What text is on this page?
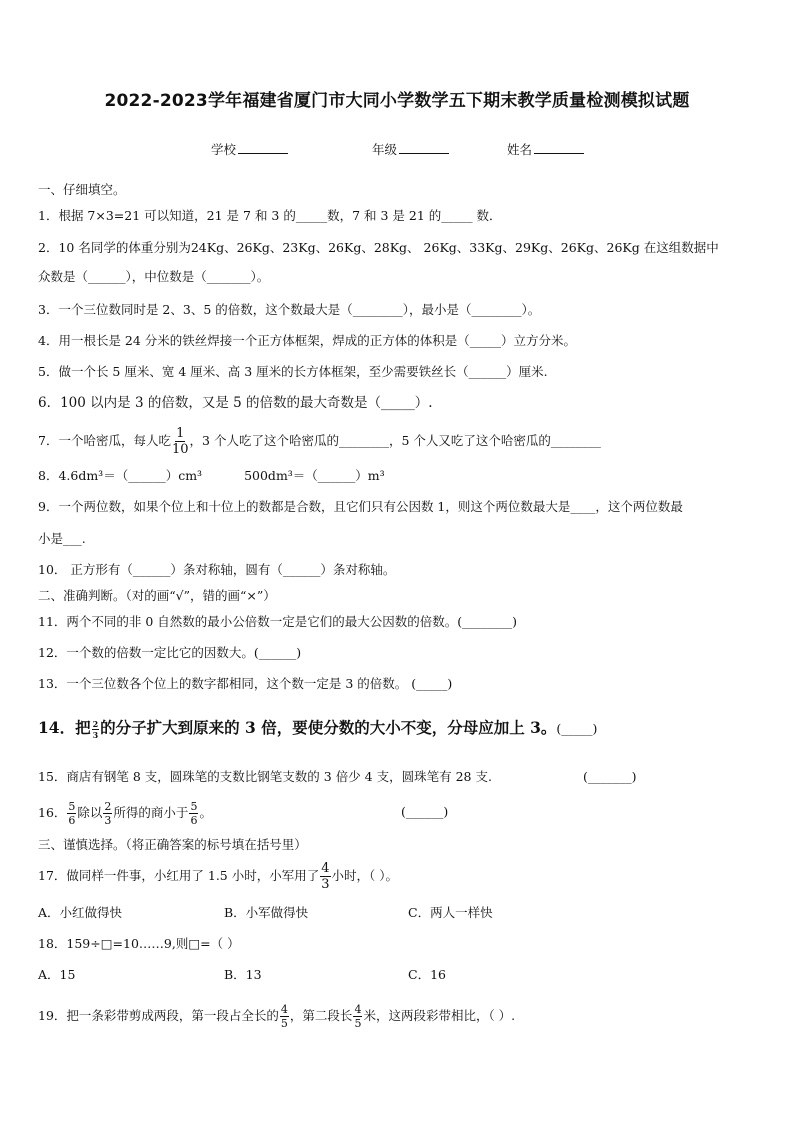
2022-2023学年福建省厦门市大同小学数学五下期末教学质量检测模拟试题
学校	年级	姓名
一、仔细填空。
1．根据 7×3=21 可以知道，21 是 7 和 3 的_____数，7 和 3 是 21 的_____ 数．
2．10 名同学的体重分别为24Kg、26Kg、23Kg、26Kg、28Kg、 26Kg、33Kg、29Kg、26Kg、26Kg 在这组数据中
众数是（______），中位数是（_______）。
3．一个三位数同时是 2、3、5 的倍数，这个数最大是（________），最小是（________）。
4．用一根长是 24 分米的铁丝焊接一个正方体框架，焊成的正方体的体积是（_____）立方分米。
5．做一个长 5 厘米、宽 4 厘米、高 3 厘米的长方体框架，至少需要铁丝长（______）厘米.
6．100 以内是 3 的倍数，又是 5 的倍数的最大奇数是（_____）.
7．一个哈密瓜，每人吃 $\frac{1}{10}$ ，3 个人吃了这个哈密瓜的________，5 个人又吃了这个哈密瓜的________
8．4.6dm³＝（______）cm³	500dm³＝（______）m³
9．一个两位数，如果个位上和十位上的数都是合数，且它们只有公因数 1，则这个两位数最大是____，这个两位数最
小是___.
10． 正方形有（______）条对称轴，圆有（______）条对称轴。
二、准确判断。（对的画“√”，错的画“×”）
11．两个不同的非 0 自然数的最小公倍数一定是它们的最大公因数的倍数。(________)
12．一个数的倍数一定比它的因数大。(______)
13．一个三位数各个位上的数字都相同，这个数一定是 3 的倍数。 (_____)
14．把 $\frac{2}{3}$ 的分子扩大到原来的 3 倍，要使分数的大小不变，分母应加上 3。(_____)
15．商店有钢笔 8 支，圆珠笔的支数比钢笔支数的 3 倍少 4 支，圆珠笔有 28 支.	(_______)
16． $\frac{5}{6}$ 除以 $\frac{2}{3}$ 所得的商小于 $\frac{5}{6}$ 。	(______)
三、谨慎选择。（将正确答案的标号填在括号里）
17．做同样一件事，小红用了 1.5 小时，小军用了 $\frac{4}{3}$ 小时，（ ）。
A．小红做得快	B．小军做得快	C．两人一样快
18．159÷□=10……9,则□=（ ）
A．15	B．13	C．16
19．把一条彩带剪成两段，第一段占全长的 $\frac{4}{5}$ ，第二段长 $\frac{4}{5}$ 米，这两段彩带相比，（ ）.
